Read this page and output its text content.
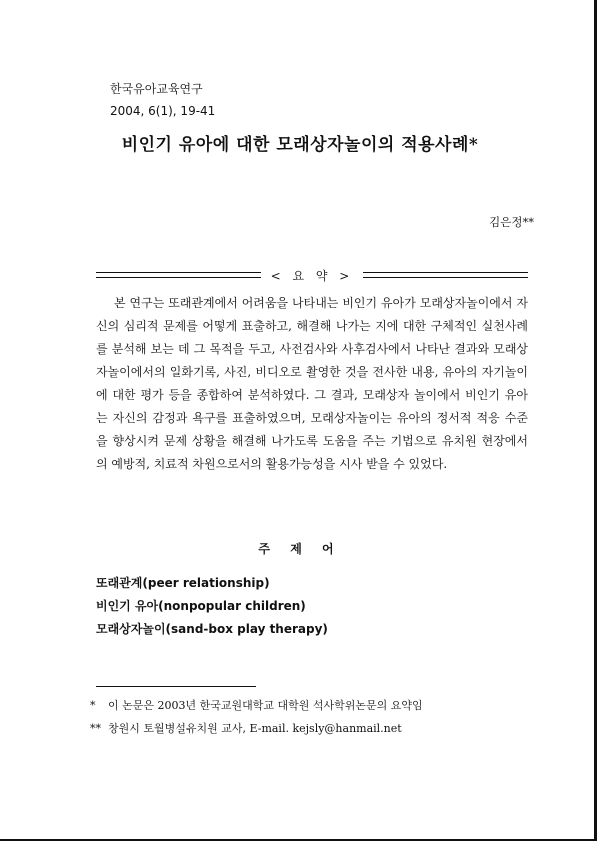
한국유아교육연구
2004, 6(1), 19-41
비인기 유아에 대한 모래상자놀이의 적용사례*
김은정**
< 요 약 >

본 연구는 또래관계에서 어려움을 나타내는 비인기 유아가 모래상자놀이에서 자신의 심리적 문제를 어떻게 표출하고, 해결해 나가는 지에 대한 구체적인 실천사례를 분석해 보는 데 그 목적을 두고, 사전검사와 사후검사에서 나타난 결과와 모래상자놀이에서의 일화기록, 사진, 비디오로 촬영한 것을 전사한 내용, 유아의 자기놀이에 대한 평가 등을 종합하여 분석하였다. 그 결과, 모래상자 놀이에서 비인기 유아는 자신의 감정과 욕구를 표출하였으며, 모래상자놀이는 유아의 정서적 적응 수준을 향상시켜 문제 상황을 해결해 나가도록 도움을 주는 기법으로 유치원 현장에서의 예방적, 치료적 차원으로서의 활용가능성을 시사 받을 수 있었다.

주 제 어
또래관계(peer relationship)
비인기 유아(nonpopular children)
모래상자놀이(sand-box play therapy)
* 이 논문은 2003년 한국교원대학교 대학원 석사학위논문의 요약임
** 창원시 토월병설유치원 교사, E-mail. kejsly@hanmail.net
